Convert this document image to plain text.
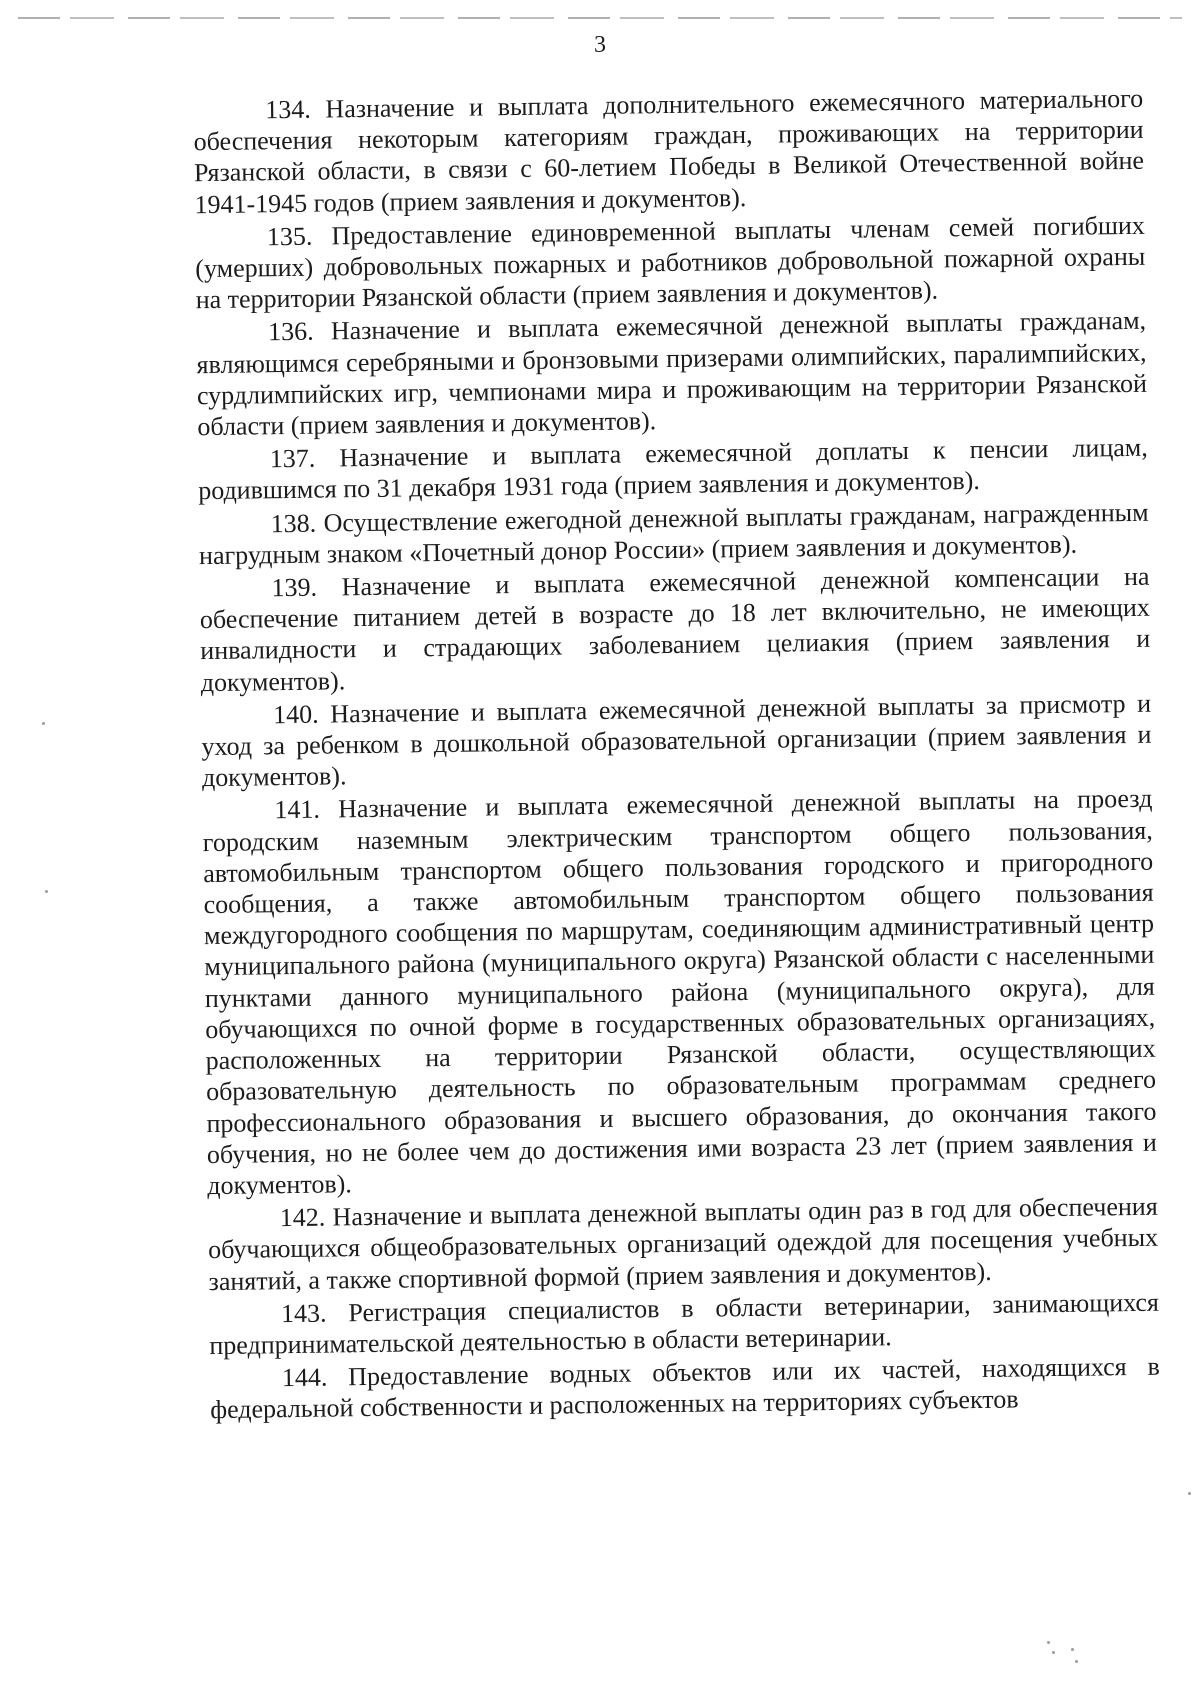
3

134. Назначение и выплата дополнительного ежемесячного материального обеспечения некоторым категориям граждан, проживающих на территории Рязанской области, в связи с 60-летием Победы в Великой Отечественной войне 1941-1945 годов (прием заявления и документов).

135. Предоставление единовременной выплаты членам семей погибших (умерших) добровольных пожарных и работников добровольной пожарной охраны на территории Рязанской области (прием заявления и документов).

136. Назначение и выплата ежемесячной денежной выплаты гражданам, являющимся серебряными и бронзовыми призерами олимпийских, паралимпийских, сурдлимпийских игр, чемпионами мира и проживающим на территории Рязанской области (прием заявления и документов).

137. Назначение и выплата ежемесячной доплаты к пенсии лицам, родившимся по 31 декабря 1931 года (прием заявления и документов).

138. Осуществление ежегодной денежной выплаты гражданам, награжденным нагрудным знаком «Почетный донор России» (прием заявления и документов).

139. Назначение и выплата ежемесячной денежной компенсации на обеспечение питанием детей в возрасте до 18 лет включительно, не имеющих инвалидности и страдающих заболеванием целиакия (прием заявления и документов).

140. Назначение и выплата ежемесячной денежной выплаты за присмотр и уход за ребенком в дошкольной образовательной организации (прием заявления и документов).

141. Назначение и выплата ежемесячной денежной выплаты на проезд городским наземным электрическим транспортом общего пользования, автомобильным транспортом общего пользования городского и пригородного сообщения, а также автомобильным транспортом общего пользования междугородного сообщения по маршрутам, соединяющим административный центр муниципального района (муниципального округа) Рязанской области с населенными пунктами данного муниципального района (муниципального округа), для обучающихся по очной форме в государственных образовательных организациях, расположенных на территории Рязанской области, осуществляющих образовательную деятельность по образовательным программам среднего профессионального образования и высшего образования, до окончания такого обучения, но не более чем до достижения ими возраста 23 лет (прием заявления и документов).

142. Назначение и выплата денежной выплаты один раз в год для обеспечения обучающихся общеобразовательных организаций одеждой для посещения учебных занятий, а также спортивной формой (прием заявления и документов).

143. Регистрация специалистов в области ветеринарии, занимающихся предпринимательской деятельностью в области ветеринарии.

144. Предоставление водных объектов или их частей, находящихся в федеральной собственности и расположенных на территориях субъектов
